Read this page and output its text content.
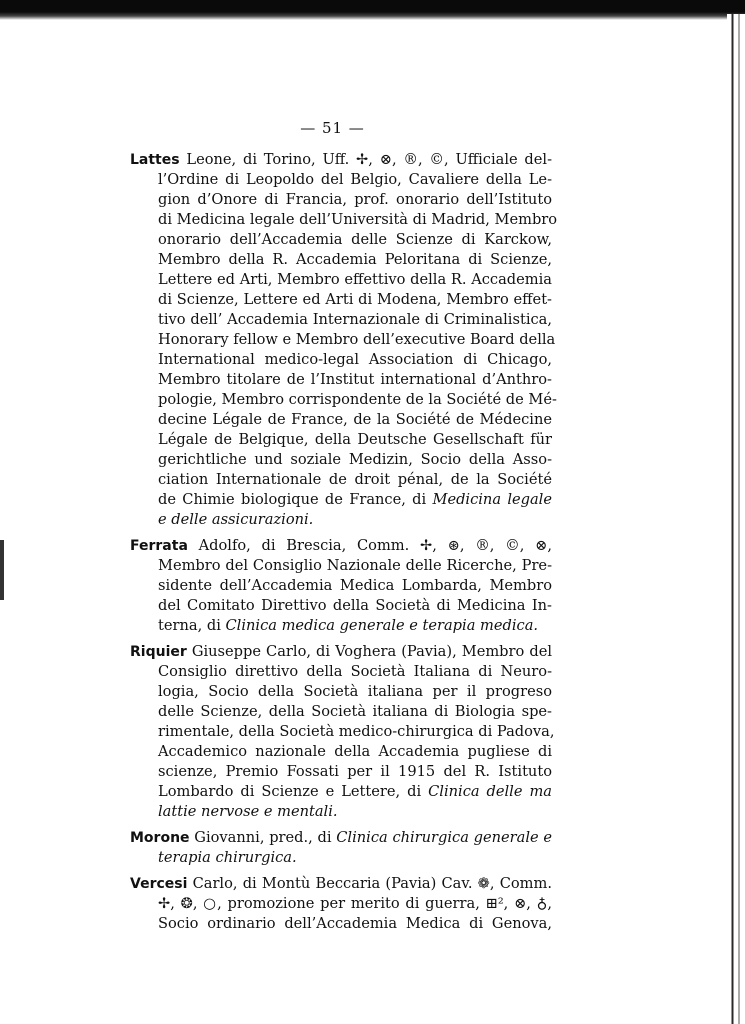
— 51 —
Lattes Leone, di Torino, Uff. ✢, ⊗, ®, ©, Ufficiale del-
l’Ordine di Leopoldo del Belgio, Cavaliere della Le-
gion d’Onore di Francia, prof. onorario dell’Istituto
di Medicina legale dell’Università di Madrid, Membro
onorario dell’Accademia delle Scienze di Karckow,
Membro della R. Accademia Peloritana di Scienze,
Lettere ed Arti, Membro effettivo della R. Accademia
di Scienze, Lettere ed Arti di Modena, Membro effet-
tivo dell’ Accademia Internazionale di Criminalistica,
Honorary fellow e Membro dell’executive Board della
International medico-legal Association di Chicago,
Membro titolare de l’Institut international d’Anthro-
pologie, Membro corrispondente de la Société de Mé-
decine Légale de France, de la Société de Médecine
Légale de Belgique, della Deutsche Gesellschaft für
gerichtliche und soziale Medizin, Socio della Asso-
ciation Internationale de droit pénal, de la Société
de Chimie biologique de France, di Medicina legale
e delle assicurazioni.
Ferrata Adolfo, di Brescia, Comm. ✢, ⊛, ®, ©, ⊗,
Membro del Consiglio Nazionale delle Ricerche, Pre-
sidente dell’Accademia Medica Lombarda, Membro
del Comitato Direttivo della Società di Medicina In-
terna, di Clinica medica generale e terapia medica.
Riquier Giuseppe Carlo, di Voghera (Pavia), Membro del
Consiglio direttivo della Società Italiana di Neuro-
logia, Socio della Società italiana per il progreso
delle Scienze, della Società italiana di Biologia spe-
rimentale, della Società medico-chirurgica di Padova,
Accademico nazionale della Accademia pugliese di
scienze, Premio Fossati per il 1915 del R. Istituto
Lombardo di Scienze e Lettere, di Clinica delle ma
lattie nervose e mentali.
Morone Giovanni, pred., di Clinica chirurgica generale e
terapia chirurgica.
Vercesi Carlo, di Montù Beccaria (Pavia) Cav. ❁, Comm.
✢, ❂, ○, promozione per merito di guerra, ⊞², ⊗, ♁,
Socio ordinario dell’Accademia Medica di Genova,
